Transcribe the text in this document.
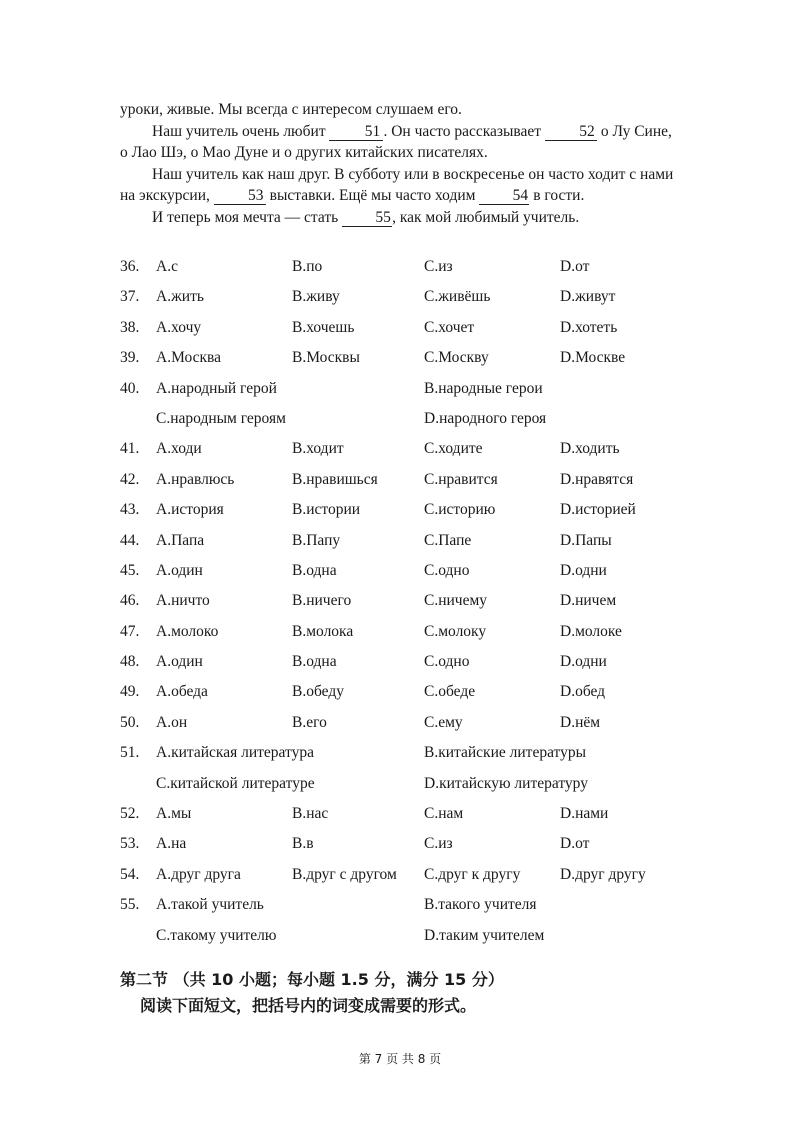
уроки, живые. Мы всегда с интересом слушаем его.

Наш учитель очень любит 51 . Он часто рассказывает 52 о Лу Сине, о Лао Шэ, о Мао Дуне и о других китайских писателях.

Наш учитель как наш друг. В субботу или в воскресенье он часто ходит с нами на экскурсии, 53 выставки. Ещё мы часто ходим 54 в гости.

И теперь моя мечта — стать 55, как мой любимый учитель.

36.	A.с	B.по	C.из	D.от
37.	A.жить	B.живу	C.живёшь	D.живут
38.	A.хочу	B.хочешь	C.хочет	D.хотеть
39.	A.Москва	B.Москвы	C.Москву	D.Москве
40.	A.народный герой	B.народные герои
C.народным героям	D.народного героя
41.	A.ходи	B.ходит	C.ходите	D.ходить
42.	A.нравлюсь	B.нравишься	C.нравится	D.нравятся
43.	A.история	B.истории	C.историю	D.историей
44.	A.Папа	B.Папу	C.Папе	D.Папы
45.	A.один	B.одна	C.одно	D.одни
46.	A.ничто	B.ничего	C.ничему	D.ничем
47.	A.молоко	B.молока	C.молоку	D.молоке
48.	A.один	B.одна	C.одно	D.одни
49.	A.обеда	B.обеду	C.обеде	D.обед
50.	A.он	B.его	C.ему	D.нём
51.	A.китайская литература	B.китайские литературы
C.китайской литературе	D.китайскую литературу
52.	A.мы	B.нас	C.нам	D.нами
53.	A.на	B.в	C.из	D.от
54.	A.друг друга	B.друг с другом C.друг к другу	D.друг другу
55.	A.такой учитель	B.такого учителя
C.такому учителю	D.таким учителем
第二节 （共 10 小题；每小题 1.5 分，满分 15 分）
阅读下面短文，把括号内的词变成需要的形式。
第 7 页 共 8 页
